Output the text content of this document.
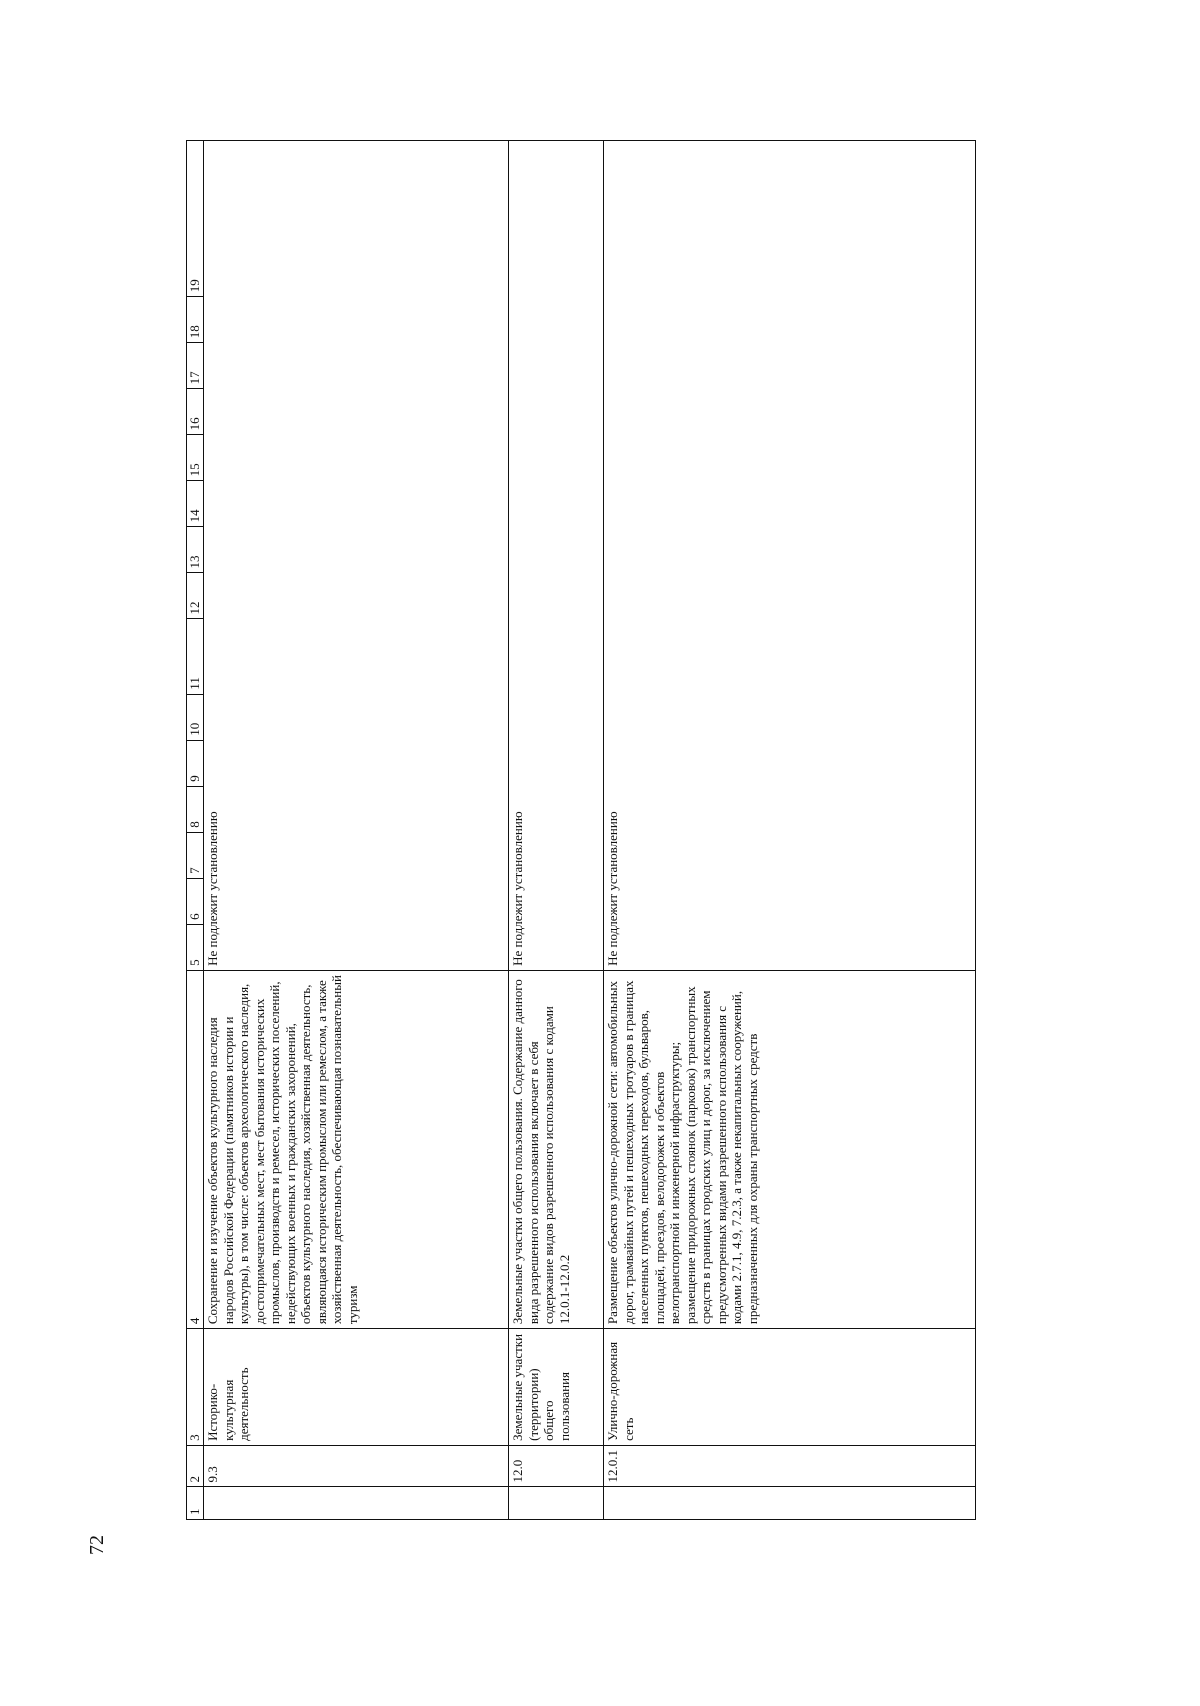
72
1	2	3	4	5	6	7	8	9	10	11	12	13	14	15	16	17	18	19
	9.3	Историко-культурная деятельность	Сохранение и изучение объектов культурного наследия народов Российской Федерации (памятников истории и культуры), в том числе: объектов археологического наследия, достопримечательных мест, мест бытования исторических промыслов, производств и ремесел, исторических поселений, недействующих военных и гражданских захоронений, объектов культурного наследия, хозяйственная деятельность, являющаяся историческим промыслом или ремеслом, а также хозяйственная деятельность, обеспечивающая познавательный туризм	Не подлежит установлению														
	12.0	Земельные участки (территории) общего пользования	Земельные участки общего пользования. Содержание данного вида разрешенного использования включает в себя содержание видов разрешенного использования с кодами 12.0.1-12.0.2	Не подлежит установлению														
	12.0.1	Улично-дорожная сеть	Размещение объектов улично-дорожной сети: автомобильных дорог, трамвайных путей и пешеходных тротуаров в границах населенных пунктов, пешеходных переходов, бульваров, площадей, проездов, велодорожек и объектов велотранспортной и инженерной инфраструктуры; размещение придорожных стоянок (парковок) транспортных средств в границах городских улиц и дорог, за исключением предусмотренных видами разрешенного использования с кодами 2.7.1, 4.9, 7.2.3, а также некапитальных сооружений, предназначенных для охраны транспортных средств	Не подлежит установлению														
